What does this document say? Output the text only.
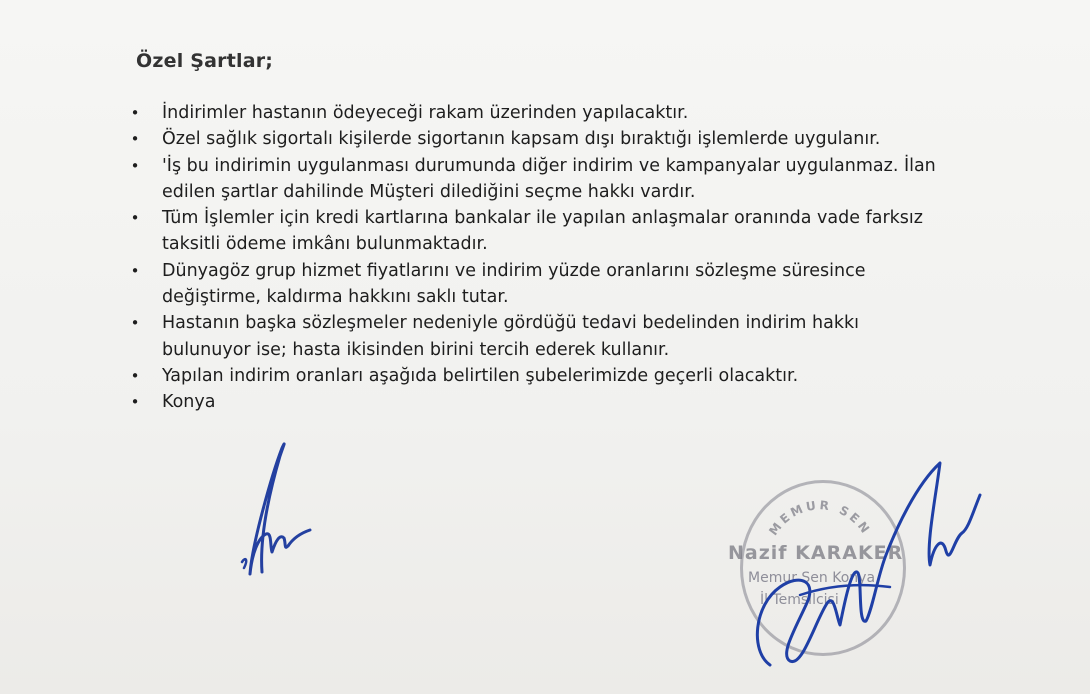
Özel Şartlar;
• İndirimler hastanın ödeyeceği rakam üzerinden yapılacaktır.
• Özel sağlık sigortalı kişilerde sigortanın kapsam dışı bıraktığı işlemlerde uygulanır.
• 'İş bu indirimin uygulanması durumunda diğer indirim ve kampanyalar uygulanmaz. İlan
edilen şartlar dahilinde Müşteri dilediğini seçme hakkı vardır.
• Tüm İşlemler için kredi kartlarına bankalar ile yapılan anlaşmalar oranında vade farksız
taksitli ödeme imkânı bulunmaktadır.
• Dünyagöz grup hizmet fiyatlarını ve indirim yüzde oranlarını sözleşme süresince
değiştirme, kaldırma hakkını saklı tutar.
• Hastanın başka sözleşmeler nedeniyle gördüğü tedavi bedelinden indirim hakkı
bulunuyor ise; hasta ikisinden birini tercih ederek kullanır.
• Yapılan indirim oranları aşağıda belirtilen şubelerimizde geçerli olacaktır.
• Konya
MEMUR SEN
Nazif KARAKER
Memur Sen Konya
İl Temsilcisi
